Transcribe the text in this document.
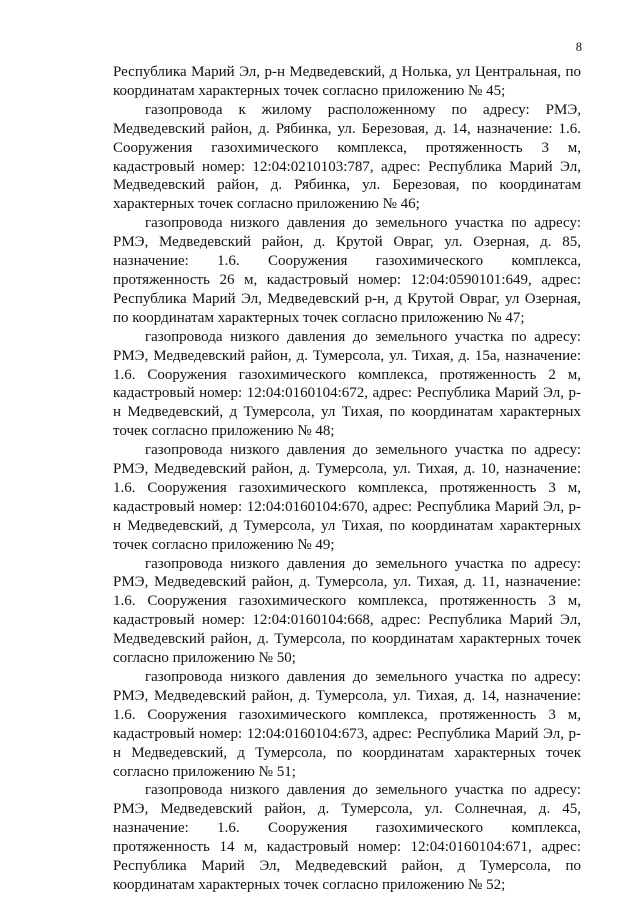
8

Республика Марий Эл, р-н Медведевский, д Нолька, ул Центральная, по координатам характерных точек согласно приложению № 45;

газопровода к жилому расположенному по адресу: РМЭ, Медведевский район, д. Рябинка, ул. Березовая, д. 14, назначение: 1.6. Сооружения газохимического комплекса, протяженность 3 м, кадастровый номер: 12:04:0210103:787, адрес: Республика Марий Эл, Медведевский район, д. Рябинка, ул. Березовая, по координатам характерных точек согласно приложению № 46;

газопровода низкого давления до земельного участка по адресу: РМЭ, Медведевский район, д. Крутой Овраг, ул. Озерная, д. 85, назначение: 1.6. Сооружения газохимического комплекса, протяженность 26 м, кадастровый номер: 12:04:0590101:649, адрес: Республика Марий Эл, Медведевский р-н, д Крутой Овраг, ул Озерная, по координатам характерных точек согласно приложению № 47;

газопровода низкого давления до земельного участка по адресу: РМЭ, Медведевский район, д. Тумерсола, ул. Тихая, д. 15а, назначение: 1.6. Сооружения газохимического комплекса, протяженность 2 м, кадастровый номер: 12:04:0160104:672, адрес: Республика Марий Эл, р-н Медведевский, д Тумерсола, ул Тихая, по координатам характерных точек согласно приложению № 48;

газопровода низкого давления до земельного участка по адресу: РМЭ, Медведевский район, д. Тумерсола, ул. Тихая, д. 10, назначение: 1.6. Сооружения газохимического комплекса, протяженность 3 м, кадастровый номер: 12:04:0160104:670, адрес: Республика Марий Эл, р-н Медведевский, д Тумерсола, ул Тихая, по координатам характерных точек согласно приложению № 49;

газопровода низкого давления до земельного участка по адресу: РМЭ, Медведевский район, д. Тумерсола, ул. Тихая, д. 11, назначение: 1.6. Сооружения газохимического комплекса, протяженность 3 м, кадастровый номер: 12:04:0160104:668, адрес: Республика Марий Эл, Медведевский район, д. Тумерсола, по координатам характерных точек согласно приложению № 50;

газопровода низкого давления до земельного участка по адресу: РМЭ, Медведевский район, д. Тумерсола, ул. Тихая, д. 14, назначение: 1.6. Сооружения газохимического комплекса, протяженность 3 м, кадастровый номер: 12:04:0160104:673, адрес: Республика Марий Эл, р-н Медведевский, д Тумерсола, по координатам характерных точек согласно приложению № 51;

газопровода низкого давления до земельного участка по адресу: РМЭ, Медведевский район, д. Тумерсола, ул. Солнечная, д. 45, назначение: 1.6. Сооружения газохимического комплекса, протяженность 14 м, кадастровый номер: 12:04:0160104:671, адрес: Республика Марий Эл, Медведевский район, д Тумерсола, по координатам характерных точек согласно приложению № 52;
